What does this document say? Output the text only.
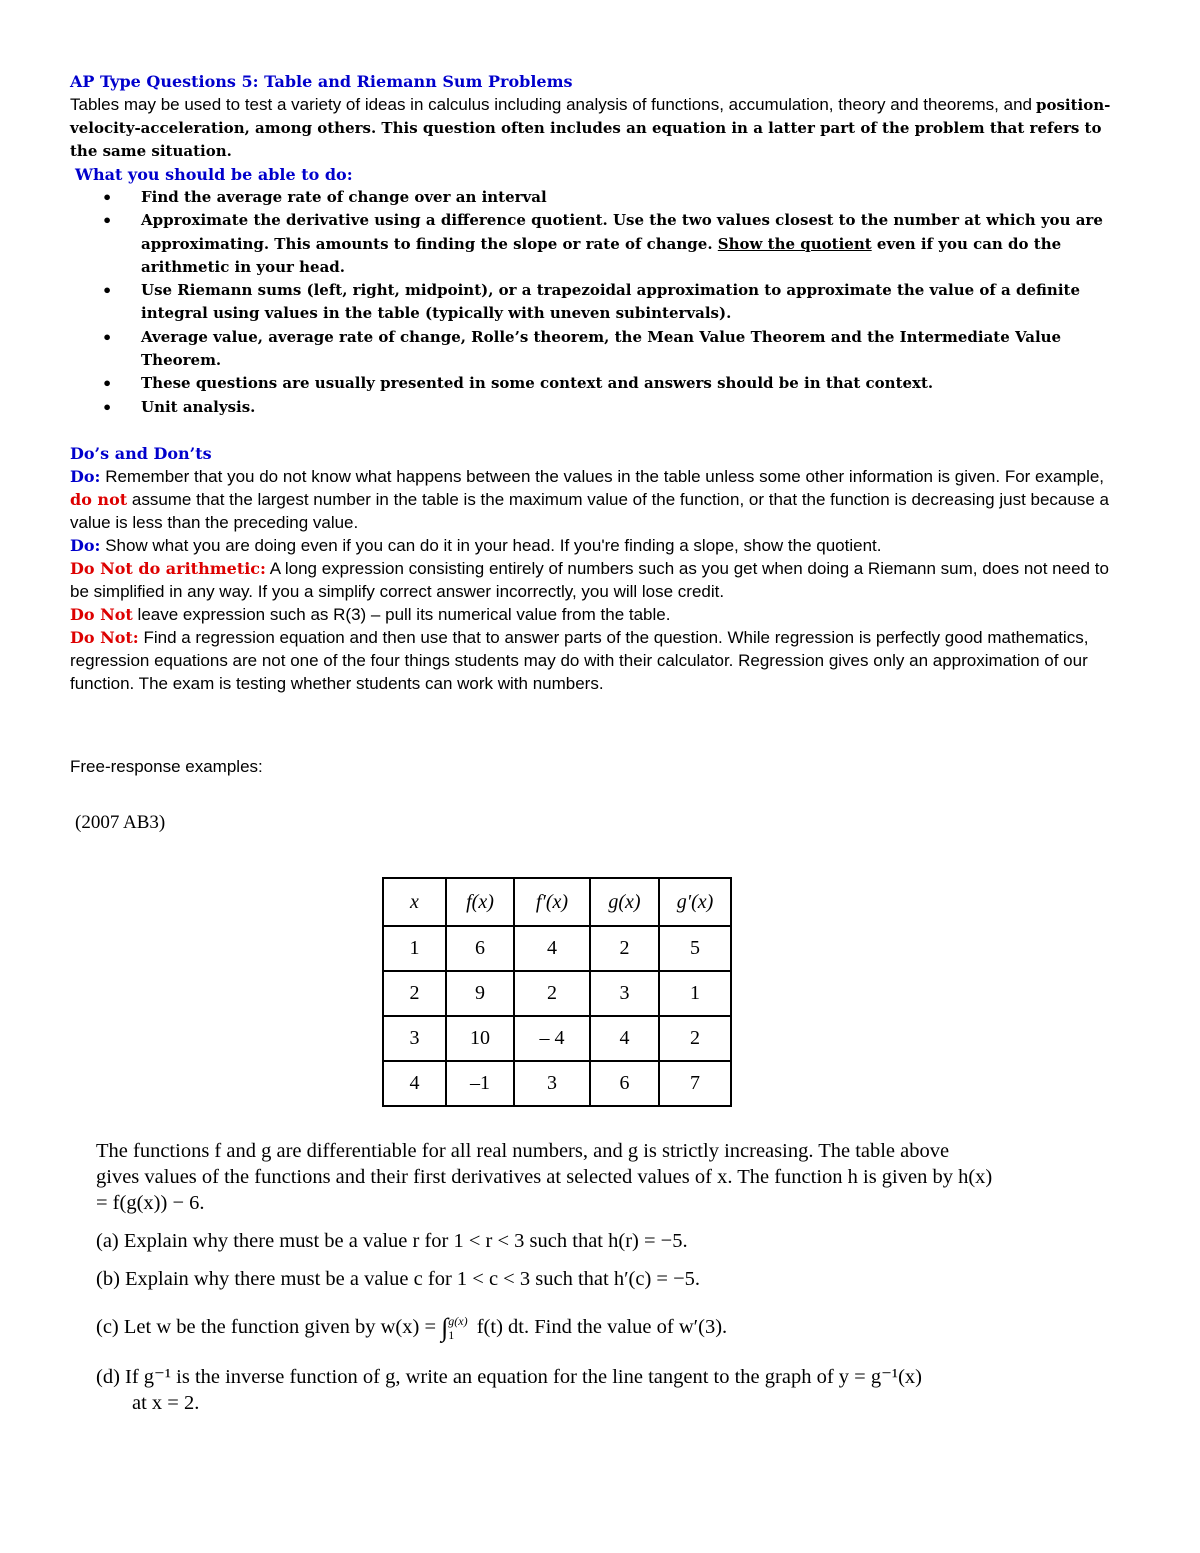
AP Type Questions 5: Table and Riemann Sum Problems

Tables may be used to test a variety of ideas in calculus including analysis of functions, accumulation, theory and theorems, and position-velocity-acceleration, among others. This question often includes an equation in a latter part of the problem that refers to the same situation.
What you should be able to do:
• Find the average rate of change over an interval
• Approximate the derivative using a difference quotient. Use the two values closest to the number at which you are approximating. This amounts to finding the slope or rate of change. Show the quotient even if you can do the arithmetic in your head.
• Use Riemann sums (left, right, midpoint), or a trapezoidal approximation to approximate the value of a definite integral using values in the table (typically with uneven subintervals).
• Average value, average rate of change, Rolle’s theorem, the Mean Value Theorem and the Intermediate Value Theorem.
• These questions are usually presented in some context and answers should be in that context.
• Unit analysis.
Do’s and Don’ts
Do: Remember that you do not know what happens between the values in the table unless some other information is given. For example, do not assume that the largest number in the table is the maximum value of the function, or that the function is decreasing just because a value is less than the preceding value.
Do: Show what you are doing even if you can do it in your head. If you're finding a slope, show the quotient.
Do Not do arithmetic: A long expression consisting entirely of numbers such as you get when doing a Riemann sum, does not need to be simplified in any way. If you a simplify correct answer incorrectly, you will lose credit.
Do Not leave expression such as R(3) – pull its numerical value from the table.
Do Not: Find a regression equation and then use that to answer parts of the question. While regression is perfectly good mathematics, regression equations are not one of the four things students may do with their calculator. Regression gives only an approximation of our function. The exam is testing whether students can work with numbers.
Free-response examples:
(2007 AB3)
x	f(x)	f′(x)	g(x)	g′(x)
1	6	4	2	5
2	9	2	3	1
3	10	– 4	4	2
4	–1	3	6	7

The functions f and g are differentiable for all real numbers, and g is strictly increasing. The table above gives values of the functions and their first derivatives at selected values of x. The function h is given by h(x) = f(g(x)) − 6.

(a) Explain why there must be a value r for 1 < r < 3 such that h(r) = −5.

(b) Explain why there must be a value c for 1 < c < 3 such that h′(c) = −5.

(c) Let w be the function given by w(x) = ∫ g(x)
1	f(t) dt. Find the value of w′(3).

(d) If g⁻¹ is the inverse function of g, write an equation for the line tangent to the graph of y = g⁻¹(x)

at x = 2.
